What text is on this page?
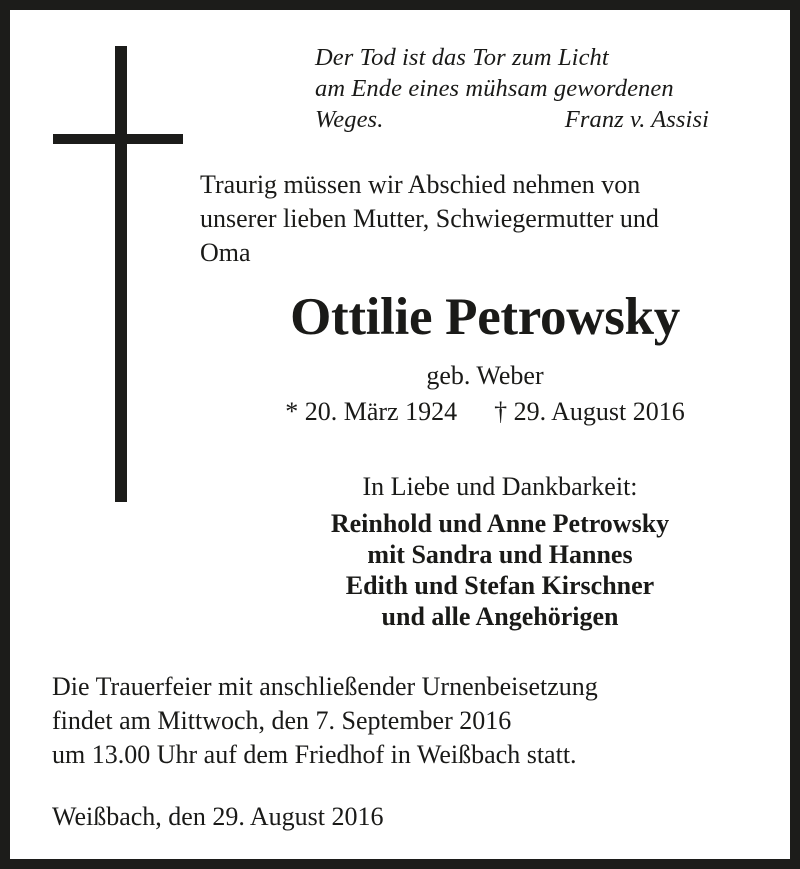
Der Tod ist das Tor zum Licht
am Ende eines mühsam gewordenen
Weges.	Franz v. Assisi
Traurig müssen wir Abschied nehmen von
unserer lieben Mutter, Schwiegermutter und
Oma
Ottilie Petrowsky
geb. Weber
* 20. März 1924 † 29. August 2016
In Liebe und Dankbarkeit:
Reinhold und Anne Petrowsky
mit Sandra und Hannes
Edith und Stefan Kirschner
und alle Angehörigen
Die Trauerfeier mit anschließender Urnenbeisetzung
findet am Mittwoch, den 7. September 2016
um 13.00 Uhr auf dem Friedhof in Weißbach statt.
Weißbach, den 29. August 2016
